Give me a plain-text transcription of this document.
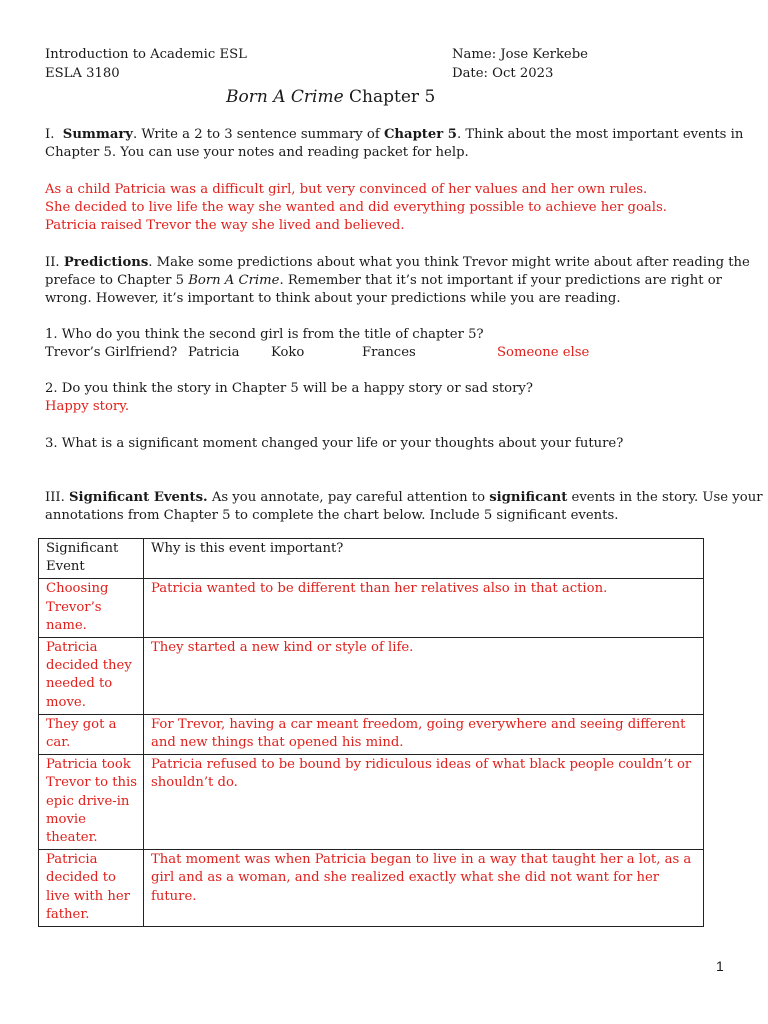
Introduction to Academic ESL
ESLA 3180
Name: Jose Kerkebe
Date: Oct 2023
Born A Crime Chapter 5
I. Summary. Write a 2 to 3 sentence summary of Chapter 5. Think about the most important events in
Chapter 5. You can use your notes and reading packet for help.
As a child Patricia was a difficult girl, but very convinced of her values and her own rules.
She decided to live life the way she wanted and did everything possible to achieve her goals.
Patricia raised Trevor the way she lived and believed.
II. Predictions. Make some predictions about what you think Trevor might write about after reading the
preface to Chapter 5 Born A Crime. Remember that it’s not important if your predictions are right or
wrong. However, it’s important to think about your predictions while you are reading.
1. Who do you think the second girl is from the title of chapter 5?
Trevor’s Girlfriend? Patricia Koko	Frances	Someone else
2. Do you think the story in Chapter 5 will be a happy story or sad story?
Happy story.
3. What is a significant moment changed your life or your thoughts about your future?
III. Significant Events. As you annotate, pay careful attention to significant events in the story. Use your
annotations from Chapter 5 to complete the chart below. Include 5 significant events.
Significant Event	Why is this event important?
Choosing Trevor’s name.	Patricia wanted to be different than her relatives also in that action.
Patricia decided they needed to move.	They started a new kind or style of life.
They got a car.	For Trevor, having a car meant freedom, going everywhere and seeing different and new things that opened his mind.
Patricia took Trevor to this epic drive-in movie theater.	Patricia refused to be bound by ridiculous ideas of what black people couldn’t or shouldn’t do.
Patricia decided to live with her father.	That moment was when Patricia began to live in a way that taught her a lot, as a girl and as a woman, and she realized exactly what she did not want for her future.
1
